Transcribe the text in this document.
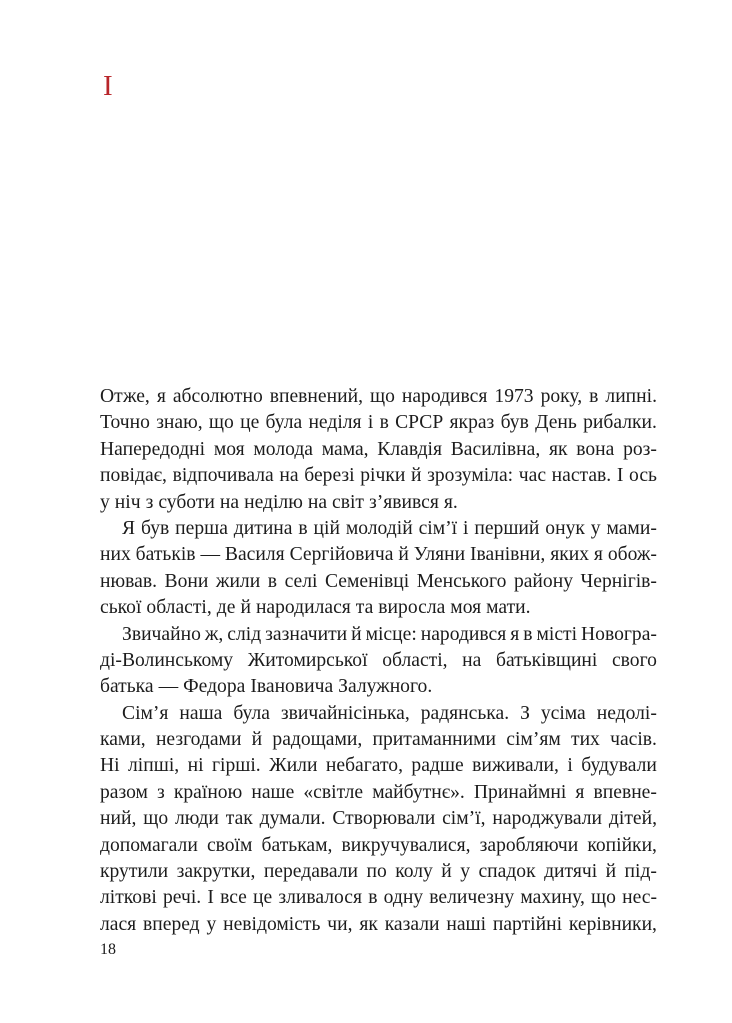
I
Отже, я абсолютно впевнений, що народився 1973 року, в липні.
Точно знаю, що це була неділя і в СРСР якраз був День рибалки.
Напередодні моя молода мама, Клавдія Василівна, як вона роз-
повідає, відпочивала на березі річки й зрозуміла: час настав. І ось
у ніч з суботи на неділю на світ з’явився я.
Я був перша дитина в цій молодій сім’ї і перший онук у мами-
них батьків — Василя Сергійовича й Уляни Іванівни, яких я обож-
нював. Вони жили в селі Семенівці Менського району Чернігів-
ської області, де й народилася та виросла моя мати.
Звичайно ж, слід зазначити й місце: народився я в місті Новогра-
ді-Волинському Житомирської області, на батьківщині свого
батька — Федора Івановича Залужного.
Сім’я наша була звичайнісінька, радянська. З усіма недолі-
ками, незгодами й радощами, притаманними сім’ям тих часів.
Ні ліпші, ні гірші. Жили небагато, радше виживали, і будували
разом з країною наше «світле майбутнє». Принаймні я впевне-
ний, що люди так думали. Створювали сім’ї, народжували дітей,
допомагали своїм батькам, викручувалися, заробляючи копійки,
крутили закрутки, передавали по колу й у спадок дитячі й під-
літкові речі. І все це зливалося в одну величезну махину, що нес-
лася вперед у невідомість чи, як казали наші партійні керівники,
18
